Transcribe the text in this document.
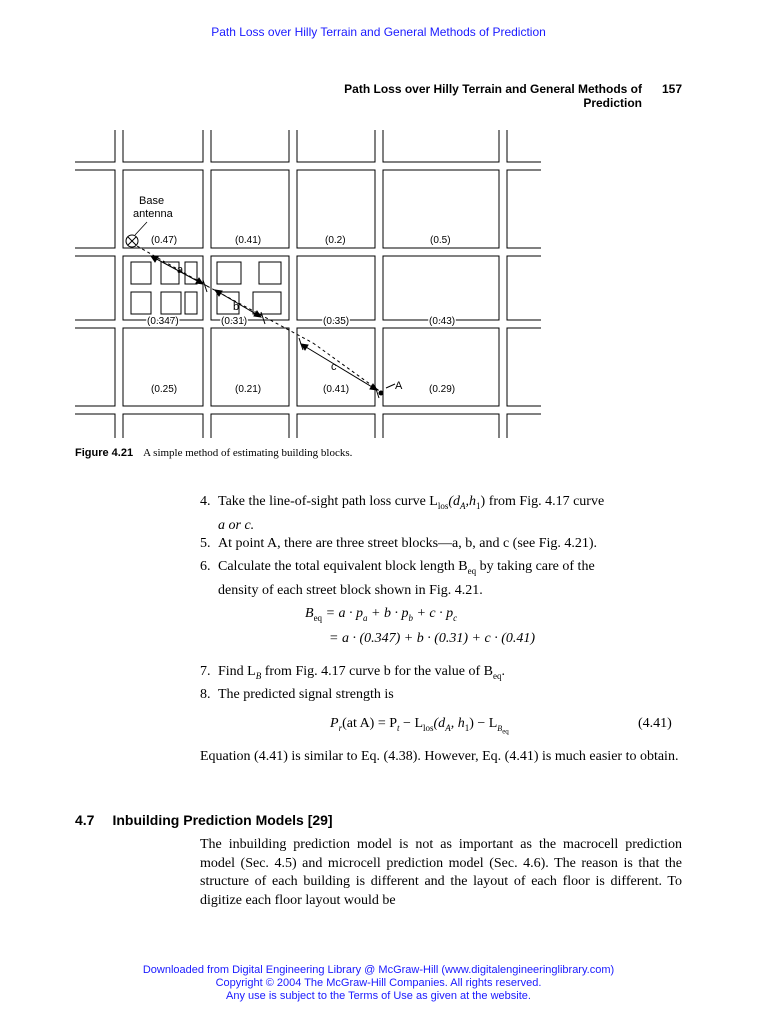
Path Loss over Hilly Terrain and General Methods of Prediction
Path Loss over Hilly Terrain and General Methods of Prediction
157
Base
antenna
(0.47)	(0.41)	(0.2)	(0.5)
(0.347)	(0.31)	(0.35)	(0.43)
(0.25)	(0.21)	(0.41)	(0.29)
a
b
c
A
Figure 4.21 A simple method of estimating building blocks.
4. Take the line-of-sight path loss curve $L_{los}(d_A,h_1)$ from Fig. 4.17 curve
a or c.
5. At point A, there are three street blocks—a, b, and c (see Fig. 4.21).
6. Calculate the total equivalent block length $B_{eq}$ by taking care of the
density of each street block shown in Fig. 4.21.
$B_{eq} = a \cdot p_a + b \cdot p_b + c \cdot p_c$
= a · (0.347) + b · (0.31) + c · (0.41)
7. Find $L_B$ from Fig. 4.17 curve b for the value of $B_{eq}$.
8. The predicted signal strength is
$P_r(at$ $A) = P_t - L_{los}(d_A$, $h_1) - L_{B_{eq}}$
(4.41)
Equation (4.41) is similar to Eq. (4.38). However, Eq. (4.41) is much easier to obtain.
4.7 Inbuilding Prediction Models [29]
The inbuilding prediction model is not as important as the macrocell prediction model (Sec. 4.5) and microcell prediction model (Sec. 4.6). The reason is that the structure of each building is different and the layout of each floor is different. To digitize each floor layout would be
Downloaded from Digital Engineering Library @ McGraw-Hill (www.digitalengineeringlibrary.com)
Copyright © 2004 The McGraw-Hill Companies. All rights reserved.
Any use is subject to the Terms of Use as given at the website.
